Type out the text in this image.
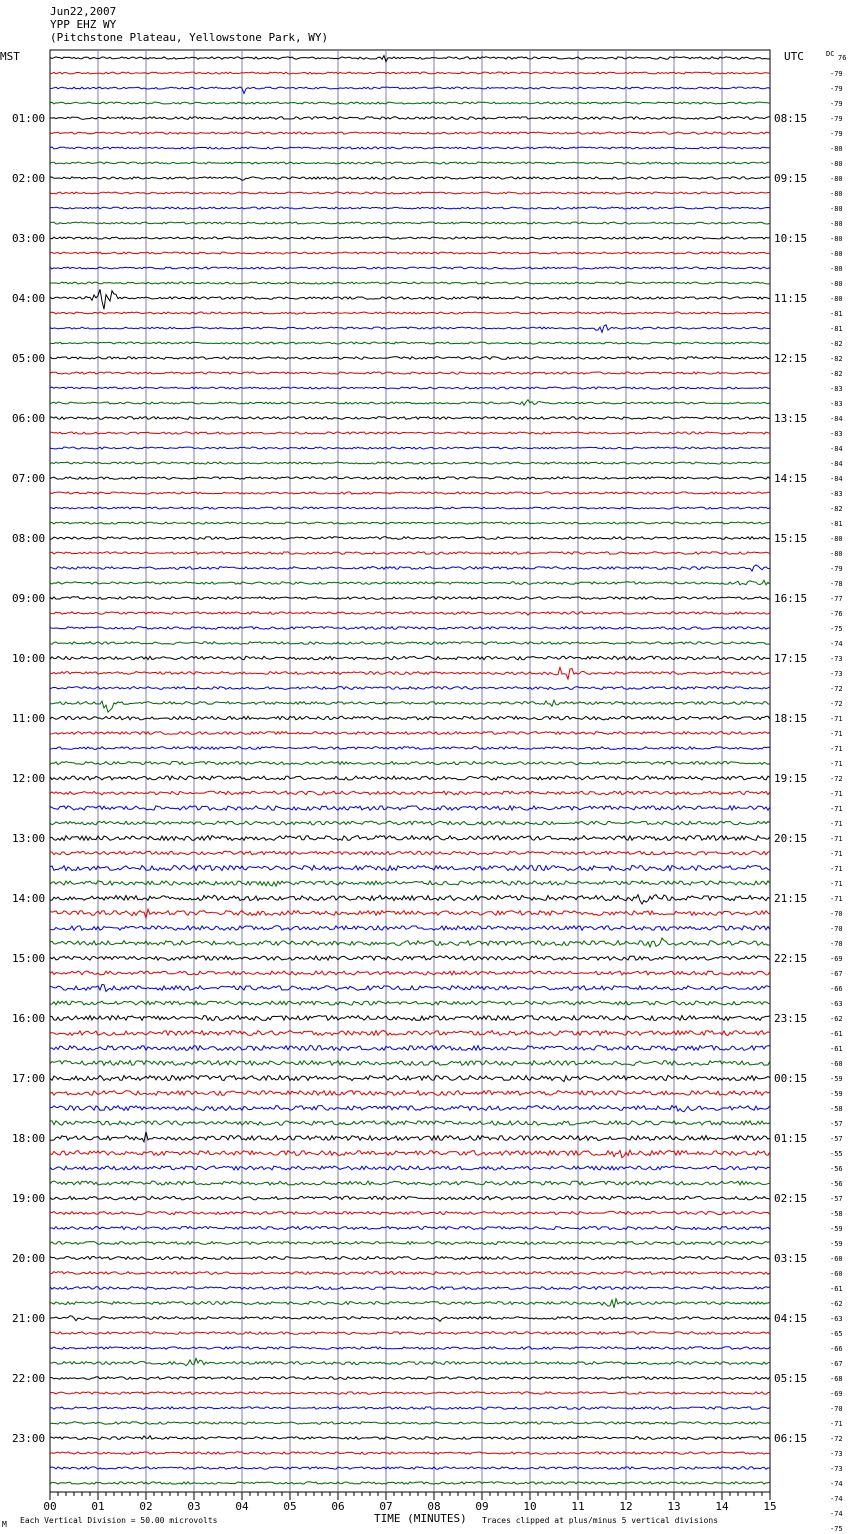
Jun22,2007
YPP EHZ WY
(Pitchstone Plateau, Yellowstone Park, WY)
01:00
02:00
03:00
04:00
05:00
06:00
07:00
08:00
09:00
10:00
11:00
12:00
13:00
14:00
15:00
16:00
17:00
18:00
19:00
20:00
21:00
22:00
23:00
08:15
09:15
10:15
11:15
12:15
13:15
14:15
15:15
16:15
17:15
18:15
19:15
20:15
21:15
22:15
23:15
00:15
01:15
02:15
03:15
04:15
05:15
06:15
76
-79
-79
-79
-79
-79
-80
-80
-80
-80
-80
-80
-80
-80
-80
-80
-80
-81
-81
-82
-82
-82
-83
-83
-84
-83
-84
-84
-84
-83
-82
-81
-80
-80
-79
-78
-77
-76
-75
-74
-73
-73
-72
-72
-71
-71
-71
-71
-72
-71
-71
-71
-71
-71
-71
-71
-71
-70
-70
-70
-69
-67
-66
-63
-62
-61
-61
-60
-59
-59
-58
-57
-57
-55
-56
-56
-57
-58
-59
-59
-60
-60
-61
-62
-63
-65
-66
-67
-68
-69
-70
-71
-72
-73
-73
-74
-74
-74
-75
00	01	02	03	04	05	06	07	08	09	10	11	12	13	14	15
MST	UTC	DC
TIME (MINUTES)
Each Vertical Division = 50.00 microvolts	Traces clipped at plus/minus 5 vertical divisions
M
